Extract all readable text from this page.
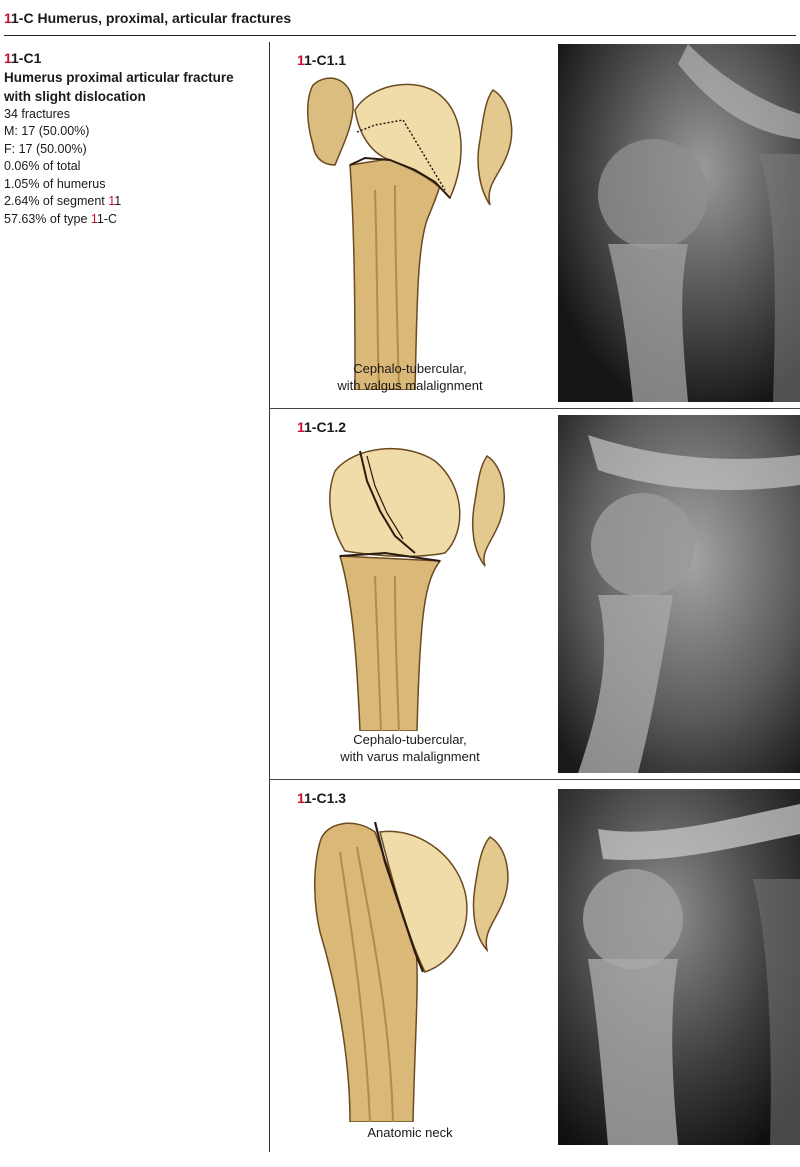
11-C Humerus, proximal, articular fractures
11-C1
Humerus proximal articular fracture
with slight dislocation
34 fractures
M: 17 (50.00%)
F: 17 (50.00%)
0.06% of total
1.05% of humerus
2.64% of segment 11
57.63% of type 11-C
11-C1.1
Cephalo-tubercular,
with valgus malalignment
11-C1.2
Cephalo-tubercular,
with varus malalignment
11-C1.3
Anatomic neck
